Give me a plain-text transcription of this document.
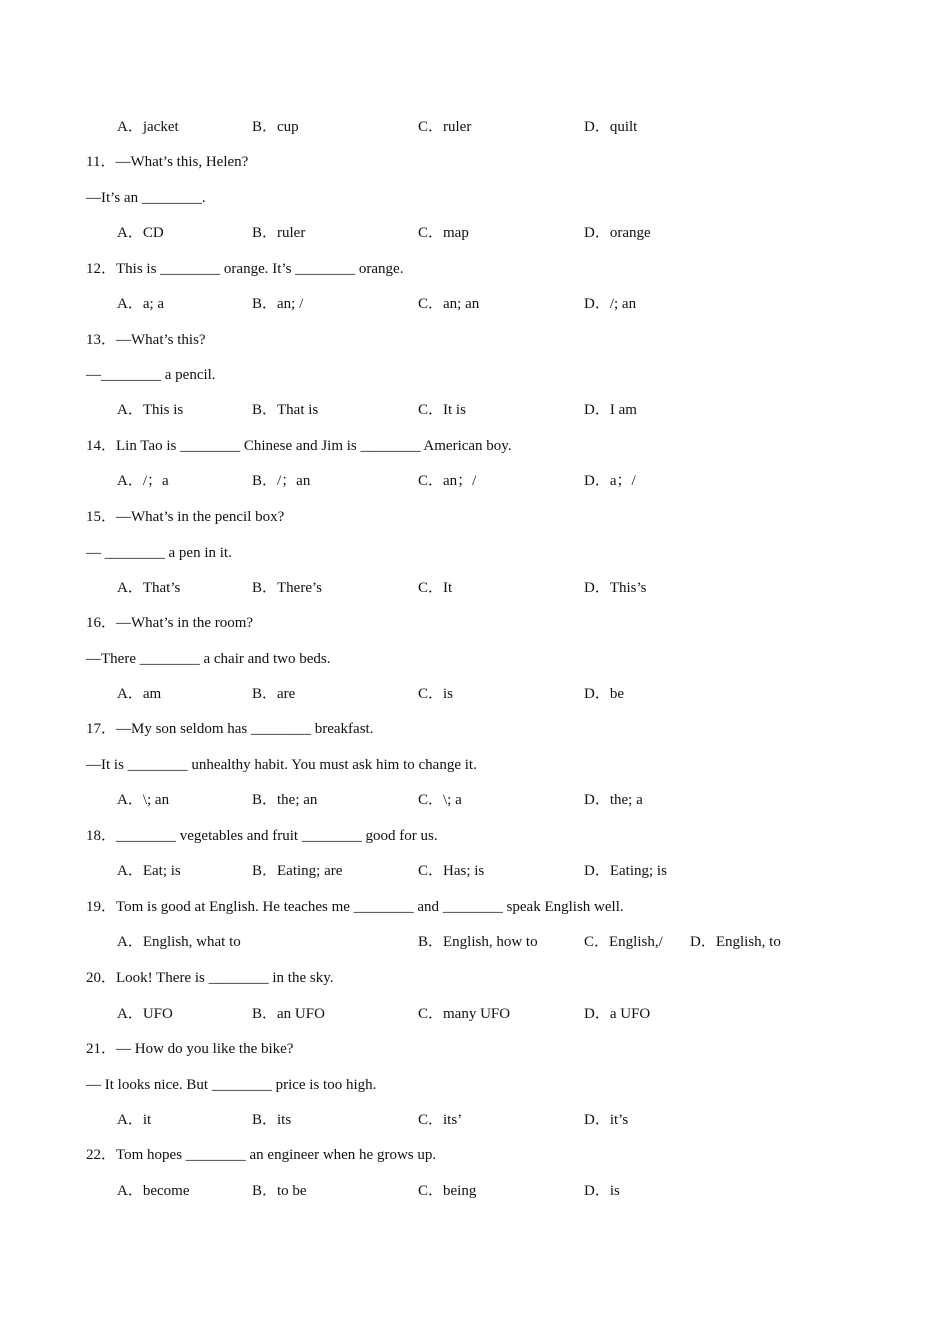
A．jacket	B．cup	C．ruler	D．quilt
11．—What’s this, Helen?
—It’s an ________.
A．CD	B．ruler	C．map	D．orange
12．This is ________ orange. It’s ________ orange.
A．a; a	B．an; /	C．an; an	D．/; an
13．—What’s this?
—________ a pencil.
A．This is	B．That is	C．It is	D．I am
14．Lin Tao is ________ Chinese and Jim is ________ American boy.
A．/；a	B．/；an	C．an；/	D．a；/
15．—What’s in the pencil box?
— ________ a pen in it.
A．That’s	B．There’s	C．It	D．This’s
16．—What’s in the room?
—There ________ a chair and two beds.
A．am	B．are	C．is	D．be
17．—My son seldom has ________ breakfast.
—It is ________ unhealthy habit. You must ask him to change it.
A．\; an	B．the; an	C．\; a	D．the; a
18．________ vegetables and fruit ________ good for us.
A．Eat; is	B．Eating; are	C．Has; is	D．Eating; is
19．Tom is good at English. He teaches me ________ and ________ speak English well.
A．English, what to	B．English, how to	C．English,/ D．English, to
20．Look! There is ________ in the sky.
A．UFO	B．an UFO	C．many UFO	D．a UFO
21．— How do you like the bike?
— It looks nice. But ________ price is too high.
A．it	B．its	C．its’	D．it’s
22．Tom hopes ________ an engineer when he grows up.
A．become	B．to be	C．being	D．is
